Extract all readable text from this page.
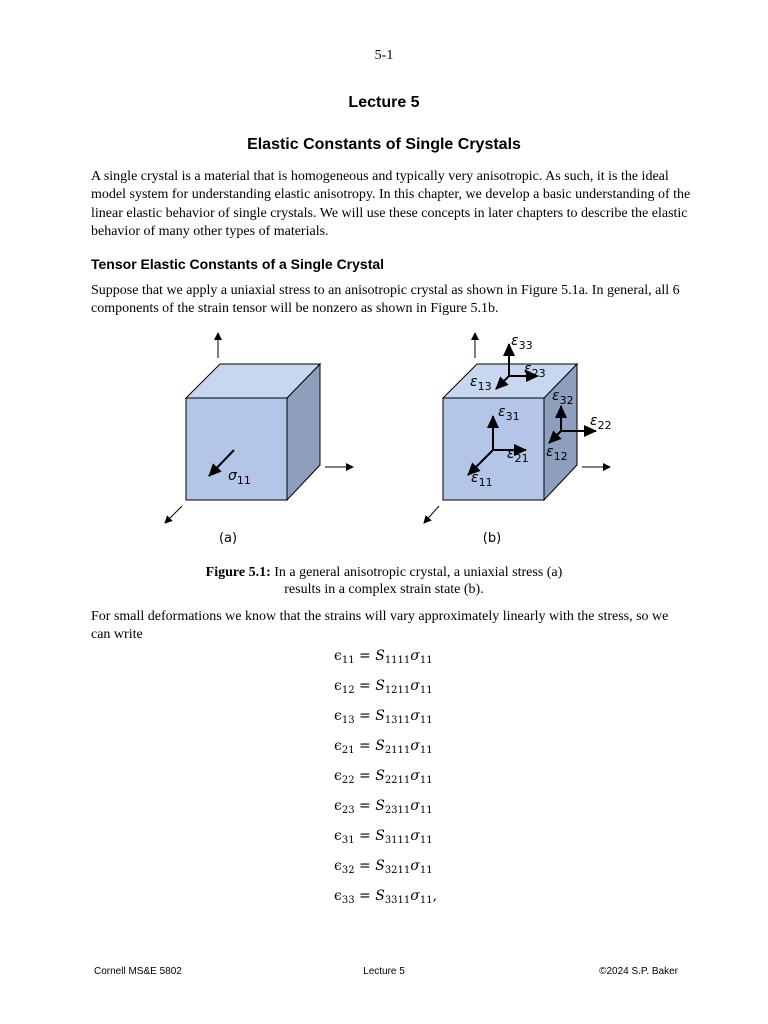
5-1
Lecture 5
Elastic Constants of Single Crystals

A single crystal is a material that is homogeneous and typically very anisotropic. As such, it is the ideal model system for understanding elastic anisotropy. In this chapter, we develop a basic understanding of the linear elastic behavior of single crystals. We will use these concepts in later chapters to describe the elastic behavior of many other types of materials.

Tensor Elastic Constants of a Single Crystal

Suppose that we apply a uniaxial stress to an anisotropic crystal as shown in Figure 5.1a. In general, all 6 components of the strain tensor will be nonzero as shown in Figure 5.1b.

$\sigma_{11}$
(a)
$\varepsilon_{33}$
$\varepsilon_{23}$
$\varepsilon_{13}$
$\varepsilon_{31}$
$\varepsilon_{21}$
$\varepsilon_{11}$
$\varepsilon_{32}$
$\varepsilon_{22}$
$\varepsilon_{12}$
(b)
Figure 5.1: In a general anisotropic crystal, a uniaxial stress (a)
results in a complex strain state (b).

For small deformations we know that the strains will vary approximately linearly with the stress, so we can write

$\epsilon_{11} = S_{1111}\sigma_{11}$
$\epsilon_{12} = S_{1211}\sigma_{11}$
$\epsilon_{13} = S_{1311}\sigma_{11}$
$\epsilon_{21} = S_{2111}\sigma_{11}$
$\epsilon_{22} = S_{2211}\sigma_{11}$
$\epsilon_{23} = S_{2311}\sigma_{11}$
$\epsilon_{31} = S_{3111}\sigma_{11}$
$\epsilon_{32} = S_{3211}\sigma_{11}$
$\epsilon_{33} = S_{3311}\sigma_{11}$,
Cornell MS&E 5802	Lecture 5	©2024 S.P. Baker
